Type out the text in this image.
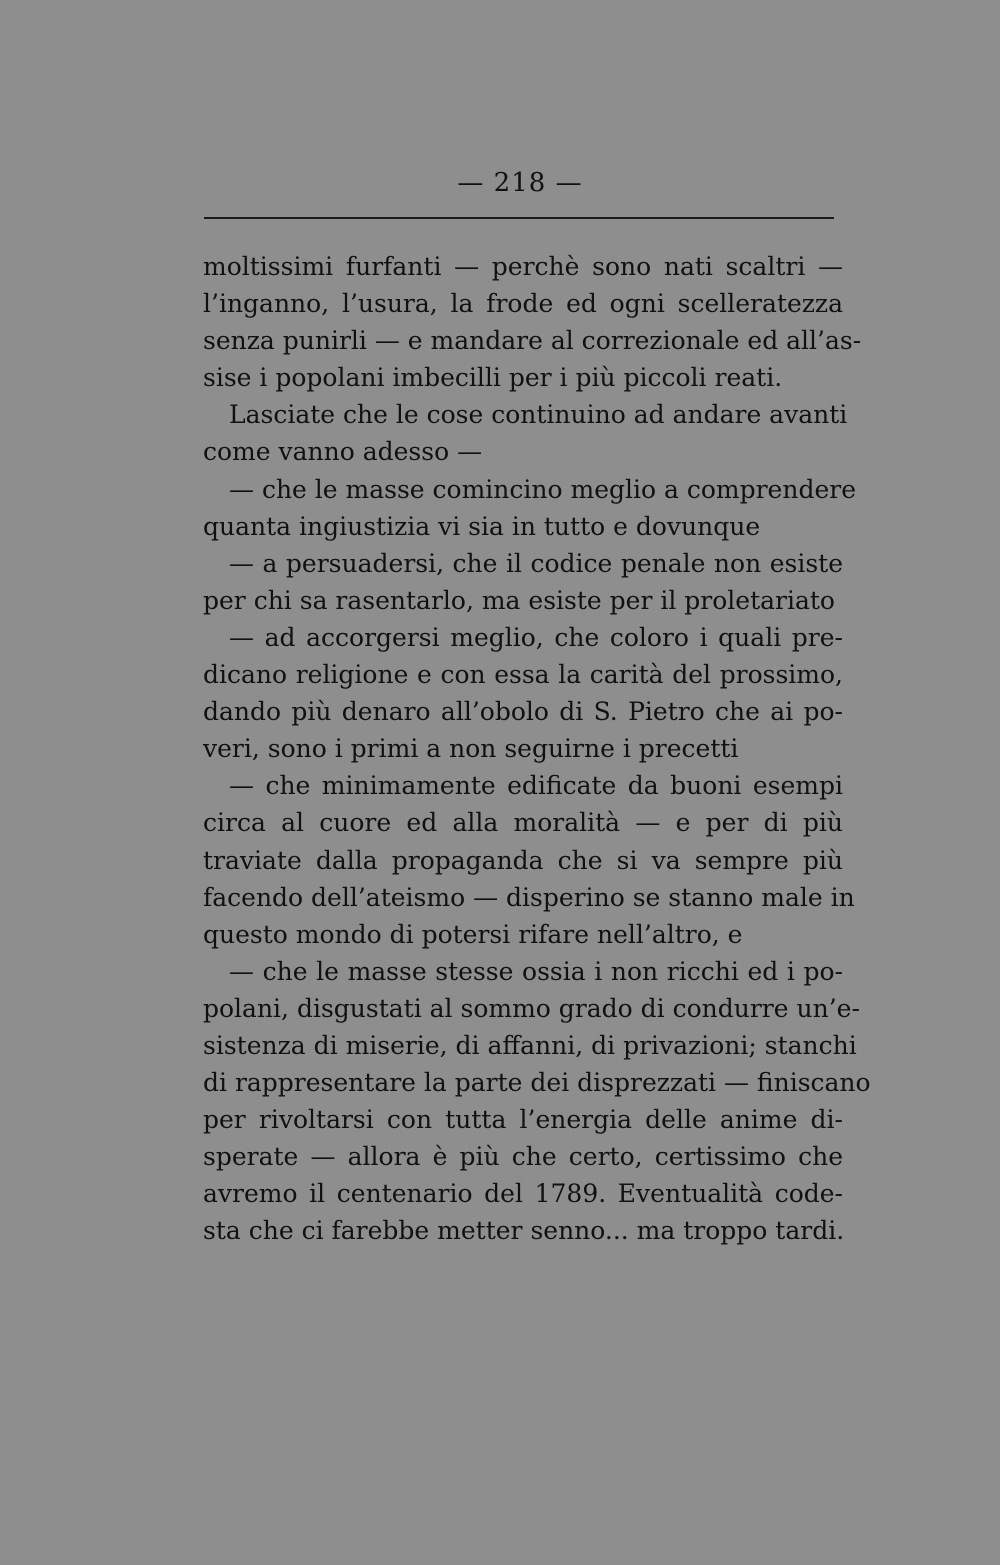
— 218 —
moltissimi furfanti — perchè sono nati scaltri —
l’inganno, l’usura, la frode ed ogni scelleratezza
senza punirli — e mandare al correzionale ed all’as-
sise i popolani imbecilli per i più piccoli reati.
Lasciate che le cose continuino ad andare avanti
come vanno adesso —
— che le masse comincino meglio a comprendere
quanta ingiustizia vi sia in tutto e dovunque
— a persuadersi, che il codice penale non esiste
per chi sa rasentarlo, ma esiste per il proletariato
— ad accorgersi meglio, che coloro i quali pre-
dicano religione e con essa la carità del prossimo,
dando più denaro all’obolo di S. Pietro che ai po-
veri, sono i primi a non seguirne i precetti
— che minimamente edificate da buoni esempi
circa al cuore ed alla moralità — e per di più
traviate dalla propaganda che si va sempre più
facendo dell’ateismo — disperino se stanno male in
questo mondo di potersi rifare nell’altro, e
— che le masse stesse ossia i non ricchi ed i po-
polani, disgustati al sommo grado di condurre un’e-
sistenza di miserie, di affanni, di privazioni; stanchi
di rappresentare la parte dei disprezzati — finiscano
per rivoltarsi con tutta l’energia delle anime di-
sperate — allora è più che certo, certissimo che
avremo il centenario del 1789. Eventualità code-
sta che ci farebbe metter senno... ma troppo tardi.
